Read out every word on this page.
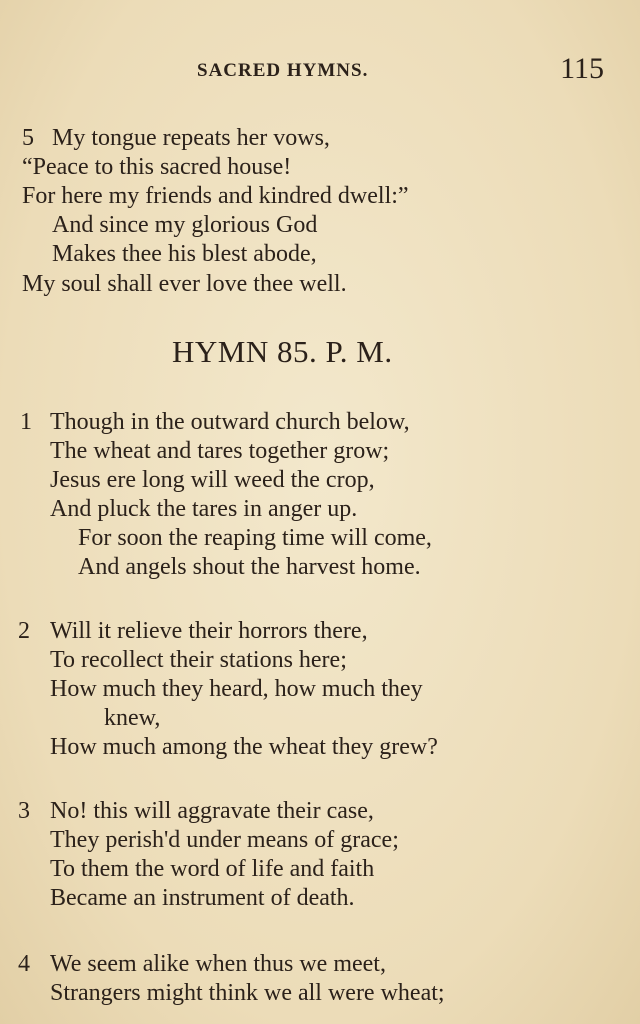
SACRED HYMNS.	115
5 My tongue repeats her vows,
“Peace to this sacred house!
For here my friends and kindred dwell:”
And since my glorious God
Makes thee his blest abode,
My soul shall ever love thee well.
HYMN 85. P. M.
1 Though in the outward church below,
The wheat and tares together grow;
Jesus ere long will weed the crop,
And pluck the tares in anger up.
For soon the reaping time will come,
And angels shout the harvest home.
2 Will it relieve their horrors there,
To recollect their stations here;
How much they heard, how much they
knew,
How much among the wheat they grew?
3 No! this will aggravate their case,
They perish'd under means of grace;
To them the word of life and faith
Became an instrument of death.
4 We seem alike when thus we meet,
Strangers might think we all were wheat;
